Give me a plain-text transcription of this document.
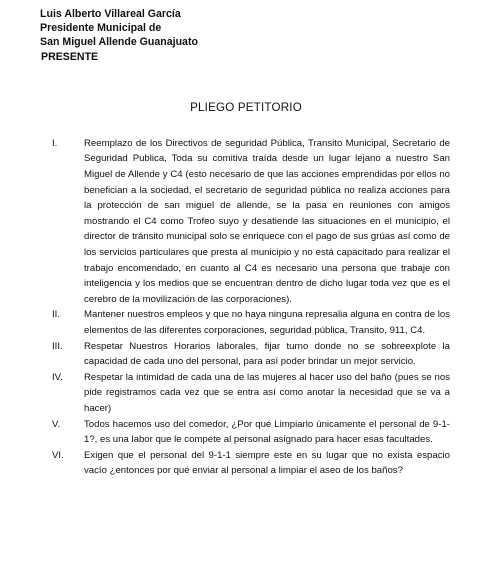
Luis Alberto Villareal García
Presidente Municipal de
San Miguel Allende Guanajuato
PRESENTE
PLIEGO PETITORIO
I.	Reemplazo de los Directivos de seguridad Pública, Transito Municipal, Secretario de Seguridad Publica, Toda su comitiva traída desde un lugar lejano a nuestro San Miguel de Allende y C4 (esto necesario de que las acciones emprendidas por ellos no benefician a la sociedad, el secretario de seguridad pública no realiza acciones para la protección de san miguel de allende, se la pasa en reuniones con amigos mostrando el C4 como Trofeo suyo y desatiende las situaciones en el municipio, el director de tránsito municipal solo se enriquece con el pago de sus grúas así como de los servicios particulares que presta al municipio y no está capacitado para realizar el trabajo encomendado, en cuanto al C4 es necesario una persona que trabaje con inteligencia y los medios que se encuentran dentro de dicho lugar toda vez que es el cerebro de la movilización de las corporaciones).
II.	Mantener nuestros empleos y que no haya ninguna represalia alguna en contra de los elementos de las diferentes corporaciones, seguridad pública, Transito, 911, C4.
III.	Respetar Nuestros Horarios laborales, fijar turno donde no se sobreexplote la capacidad de cada uno del personal, para así poder brindar un mejor servicio.
IV.	Respetar la intimidad de cada una de las mujeres al hacer uso del baño (pues se nos pide registramos cada vez que se entra así como anotar la necesidad que se va a hacer)
V.	Todos hacemos uso del comedor, ¿Por qué Limpiarlo únicamente el personal de 9-1-1?, es una labor que le compete al personal asignado para hacer esas facultades.
VI.	Exigen que el personal del 9-1-1 siempre este en su lugar que no exista espacio vacío ¿entonces por qué enviar al personal a limpiar el aseo de los baños?
